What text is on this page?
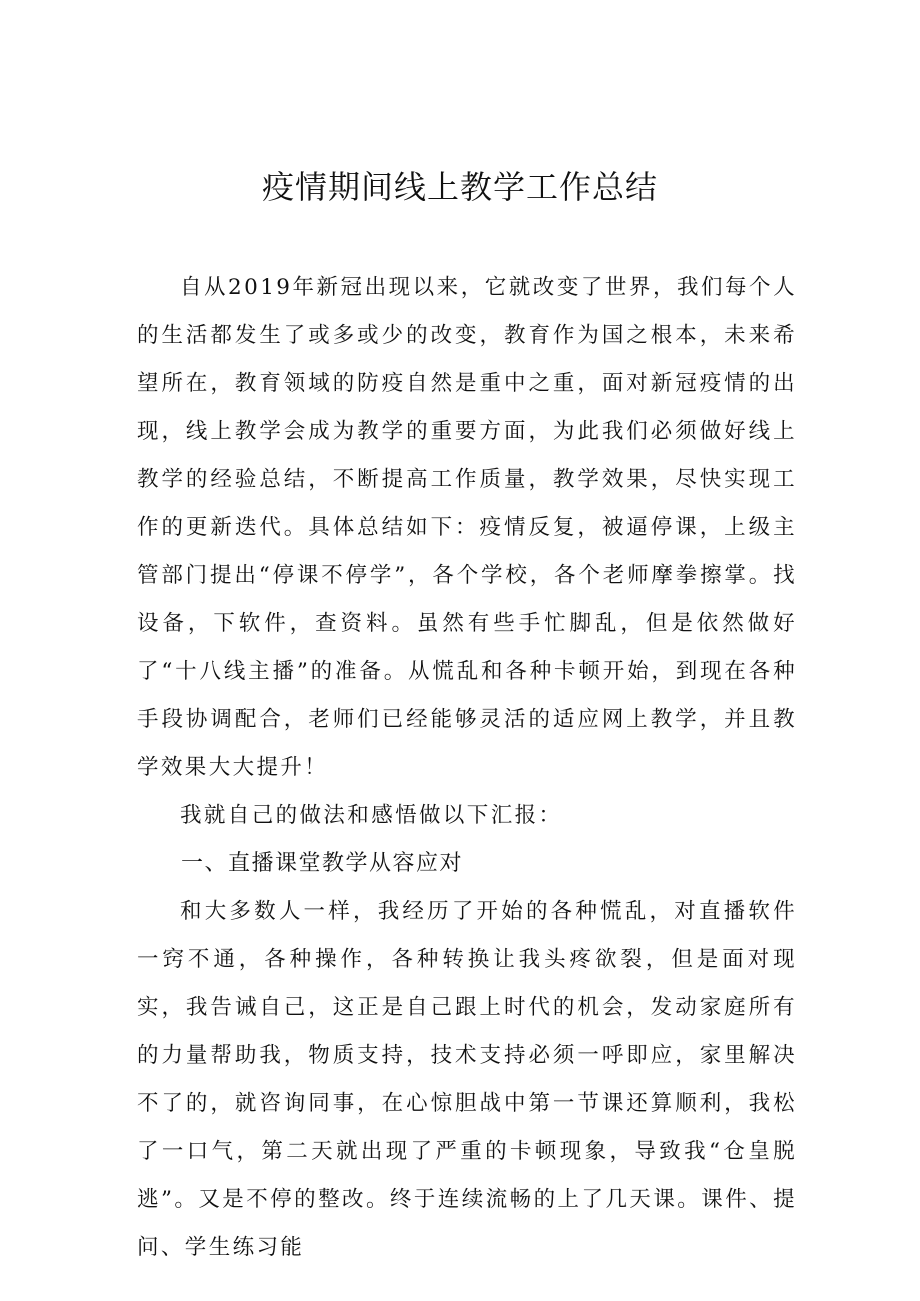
疫情期间线上教学工作总结

自从2019年新冠出现以来，它就改变了世界，我们每个人的生活都发生了或多或少的改变，教育作为国之根本，未来希望所在，教育领域的防疫自然是重中之重，面对新冠疫情的出现，线上教学会成为教学的重要方面，为此我们必须做好线上教学的经验总结，不断提高工作质量，教学效果，尽快实现工作的更新迭代。具体总结如下：疫情反复，被逼停课，上级主管部门提出“停课不停学”，各个学校，各个老师摩拳擦掌。找设备，下软件，查资料。虽然有些手忙脚乱，但是依然做好了“十八线主播”的准备。从慌乱和各种卡顿开始，到现在各种手段协调配合，老师们已经能够灵活的适应网上教学，并且教学效果大大提升！

我就自己的做法和感悟做以下汇报：

一、直播课堂教学从容应对

和大多数人一样，我经历了开始的各种慌乱，对直播软件一窍不通，各种操作，各种转换让我头疼欲裂，但是面对现实，我告诫自己，这正是自己跟上时代的机会，发动家庭所有的力量帮助我，物质支持，技术支持必须一呼即应，家里解决不了的，就咨询同事，在心惊胆战中第一节课还算顺利，我松了一口气，第二天就出现了严重的卡顿现象，导致我“仓皇脱逃”。又是不停的整改。终于连续流畅的上了几天课。课件、提问、学生练习能
